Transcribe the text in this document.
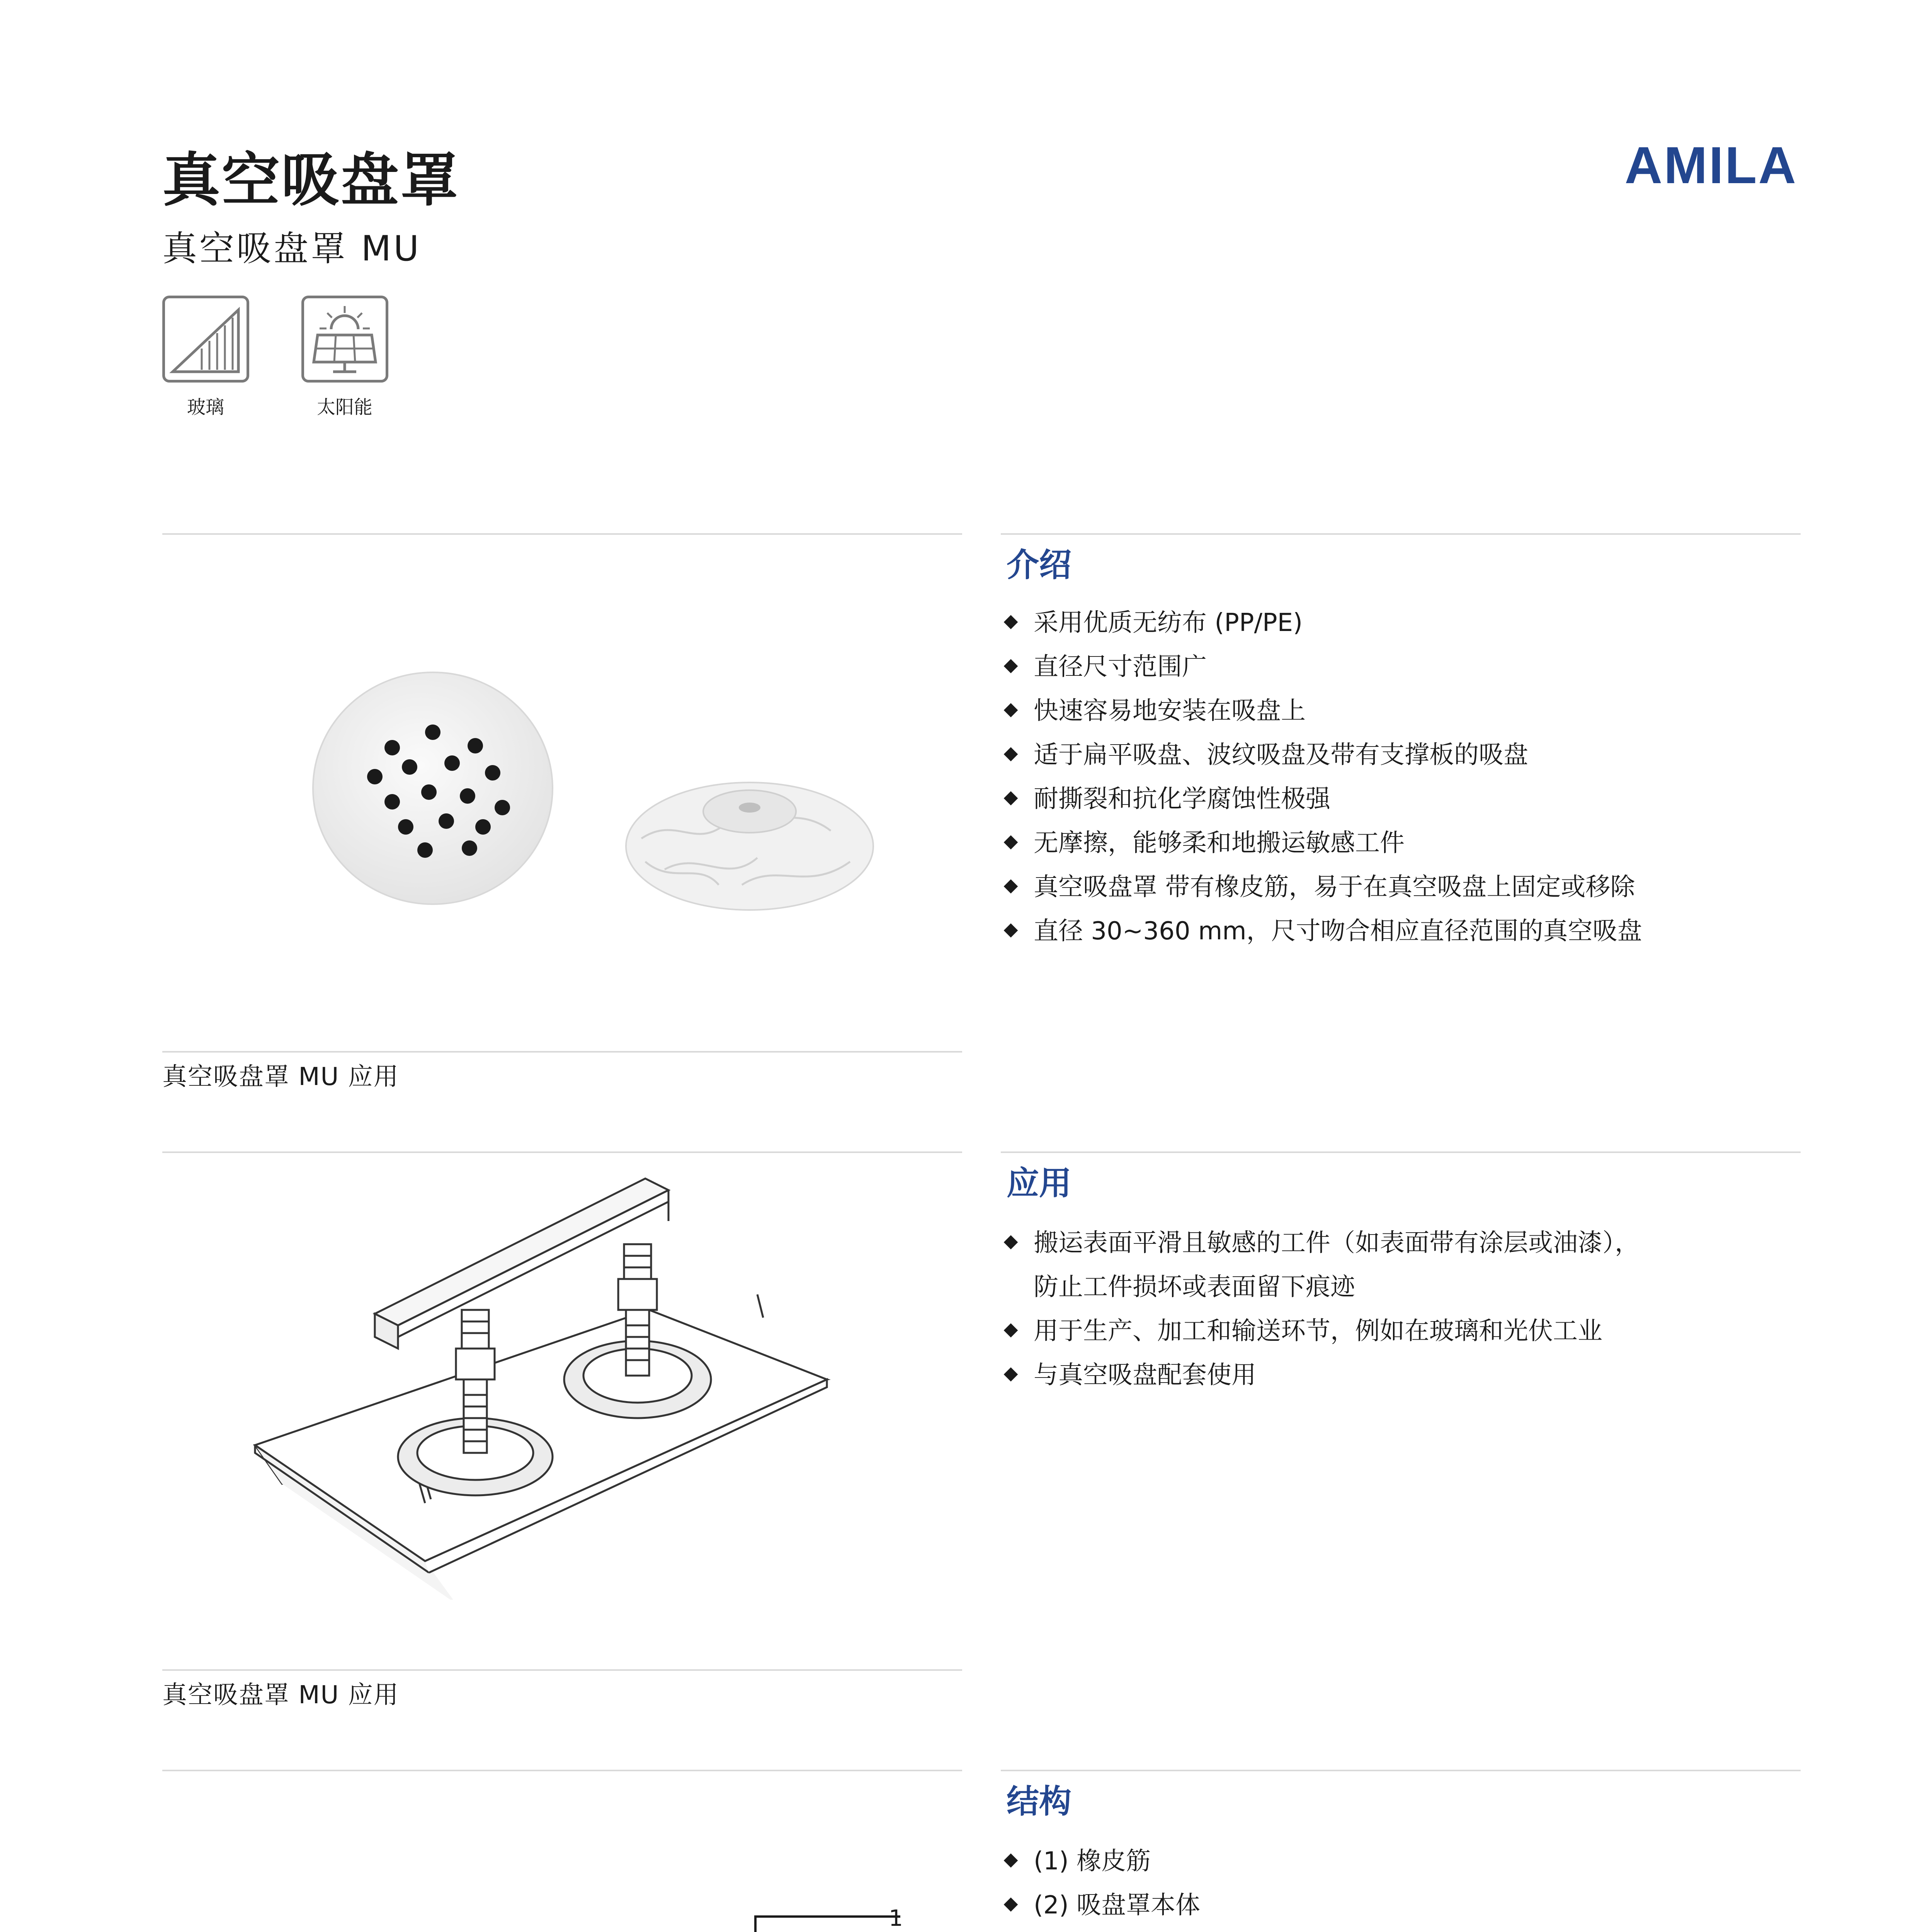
真空吸盘罩
真空吸盘罩 MU
AMILA
玻璃	太阳能
介绍
采用优质无纺布 (PP/PE)
直径尺寸范围广
快速容易地安装在吸盘上
适于扁平吸盘、波纹吸盘及带有支撑板的吸盘
耐撕裂和抗化学腐蚀性极强
无摩擦，能够柔和地搬运敏感工件
真空吸盘罩 带有橡皮筋，易于在真空吸盘上固定或移除
直径 30~360 mm，尺寸吻合相应直径范围的真空吸盘
真空吸盘罩 MU 应用
应用
搬运表面平滑且敏感的工件（如表面带有涂层或油漆），
防止工件损坏或表面留下痕迹
用于生产、加工和输送环节，例如在玻璃和光伏工业
与真空吸盘配套使用
真空吸盘罩 MU 应用
1
结构
(1) 橡皮筋
(2) 吸盘罩本体
